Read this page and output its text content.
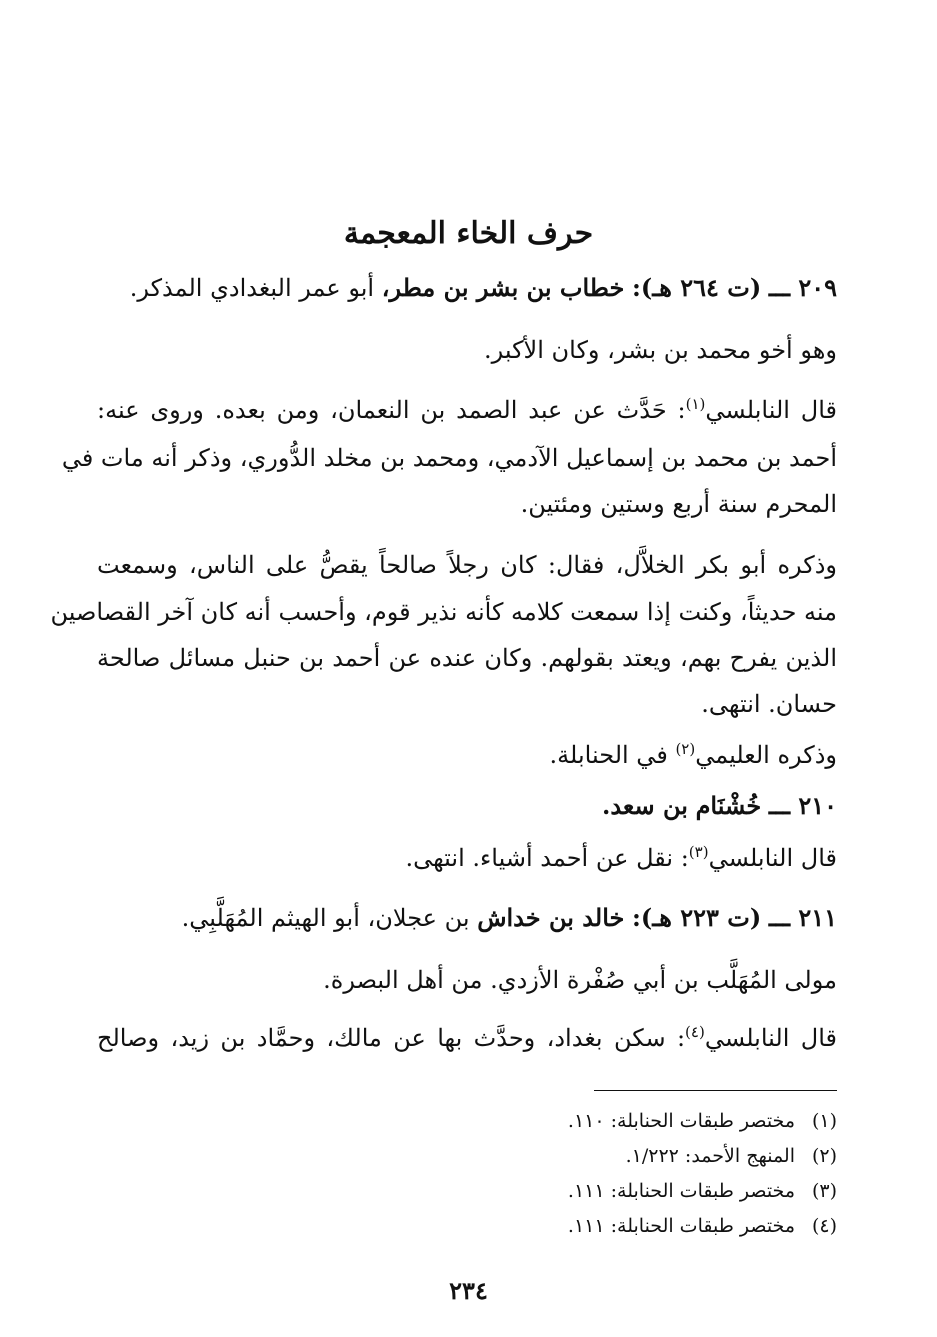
حرف الخاء المعجمة
٢٠٩ ـــ (ت ٢٦٤ هـ): خطاب بن بشر بن مطر، أبو عمر البغدادي المذكر.
وهو أخو محمد بن بشر، وكان الأكبر.
قال النابلسي$^{(١)}$: حَدَّث عن عبد الصمد بن النعمان، ومن بعده. وروى عنه:
أحمد بن محمد بن إسماعيل الآدمي، ومحمد بن مخلد الدُّوري، وذكر أنه مات في
المحرم سنة أربع وستين ومئتين.
وذكره أبو بكر الخلاَّل، فقال: كان رجلاً صالحاً يقصُّ على الناس، وسمعت
منه حديثاً، وكنت إذا سمعت كلامه كأنه نذير قوم، وأحسب أنه كان آخر القصاصين
الذين يفرح بهم، ويعتد بقولهم. وكان عنده عن أحمد بن حنبل مسائل صالحة
حسان. انتهى.
وذكره العليمي$^{(٢)}$ في الحنابلة.
٢١٠ ـــ خُشْنَام بن سعد.
قال النابلسي$^{(٣)}$: نقل عن أحمد أشياء. انتهى.
٢١١ ـــ (ت ٢٢٣ هـ): خالد بن خداش بن عجلان، أبو الهيثم المُهَلَّبِي.
مولى المُهَلَّب بن أبي صُفْرة الأزدي. من أهل البصرة.
قال النابلسي$^{(٤)}$: سكن بغداد، وحدَّث بها عن مالك، وحمَّاد بن زيد، وصالح
(١)مختصر طبقات الحنابلة: ١١٠.
(٢)المنهج الأحمد: ١/٢٢٢.
(٣)مختصر طبقات الحنابلة: ١١١.
(٤)مختصر طبقات الحنابلة: ١١١.
٢٣٤
